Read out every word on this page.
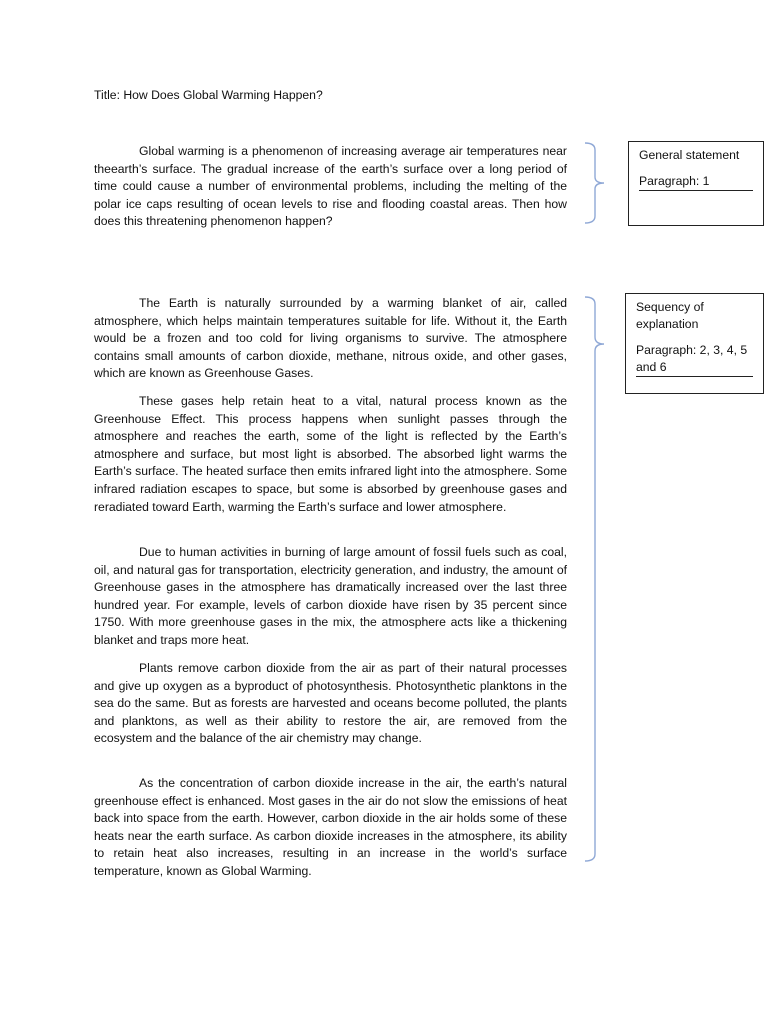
Title: How Does Global Warming Happen?

Global warming is a phenomenon of increasing average air temperatures near theearth’s surface. The gradual increase of the earth’s surface over a long period of time could cause a number of environmental problems, including the melting of the polar ice caps resulting of ocean levels to rise and flooding coastal areas. Then how does this threatening phenomenon happen?

The Earth is naturally surrounded by a warming blanket of air, called atmosphere, which helps maintain temperatures suitable for life. Without it, the Earth would be a frozen and too cold for living organisms to survive. The atmosphere contains small amounts of carbon dioxide, methane, nitrous oxide, and other gases, which are known as Greenhouse Gases.

These gases help retain heat to a vital, natural process known as the Greenhouse Effect. This process happens when sunlight passes through the atmosphere and reaches the earth, some of the light is reflected by the Earth’s atmosphere and surface, but most light is absorbed. The absorbed light warms the Earth’s surface. The heated surface then emits infrared light into the atmosphere. Some infrared radiation escapes to space, but some is absorbed by greenhouse gases and reradiated toward Earth, warming the Earth’s surface and lower atmosphere.

Due to human activities in burning of large amount of fossil fuels such as coal, oil, and natural gas for transportation, electricity generation, and industry, the amount of Greenhouse gases in the atmosphere has dramatically increased over the last three hundred year. For example, levels of carbon dioxide have risen by 35 percent since 1750. With more greenhouse gases in the mix, the atmosphere acts like a thickening blanket and traps more heat.

Plants remove carbon dioxide from the air as part of their natural processes and give up oxygen as a byproduct of photosynthesis. Photosynthetic planktons in the sea do the same. But as forests are harvested and oceans become polluted, the plants and planktons, as well as their ability to restore the air, are removed from the ecosystem and the balance of the air chemistry may change.

As the concentration of carbon dioxide increase in the air, the earth’s natural greenhouse effect is enhanced. Most gases in the air do not slow the emissions of heat back into space from the earth. However, carbon dioxide in the air holds some of these heats near the earth surface. As carbon dioxide increases in the atmosphere, its ability to retain heat also increases, resulting in an increase in the world’s surface temperature, known as Global Warming.

General statement
Paragraph: 1
Sequency of explanation
Paragraph: 2, 3, 4, 5 and 6
